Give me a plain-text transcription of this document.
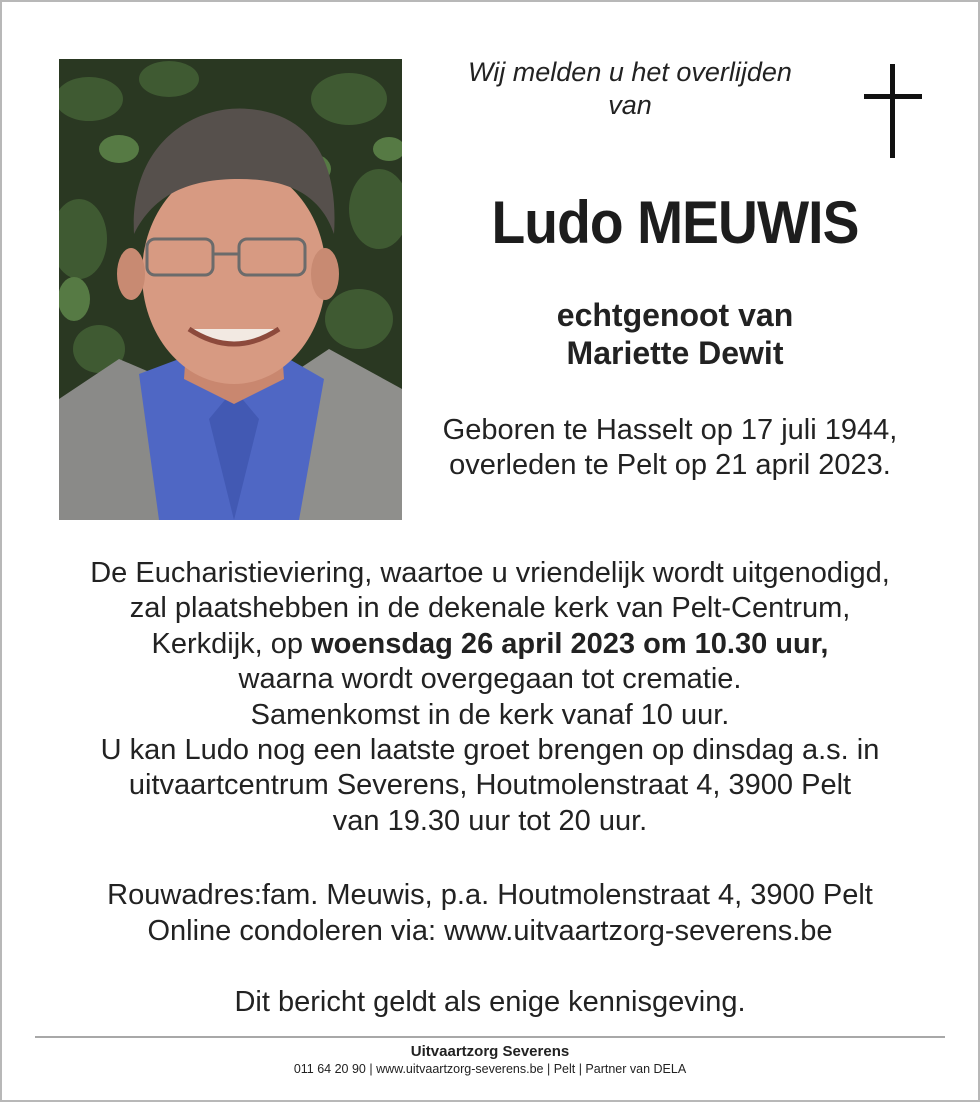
Wij melden u het overlijden
van
Ludo MEUWIS
echtgenoot van
Mariette Dewit
Geboren te Hasselt op 17 juli 1944,
overleden te Pelt op 21 april 2023.
De Eucharistieviering, waartoe u vriendelijk wordt uitgenodigd,
zal plaatshebben in de dekenale kerk van Pelt-Centrum,
Kerkdijk, op woensdag 26 april 2023 om 10.30 uur,
waarna wordt overgegaan tot crematie.
Samenkomst in de kerk vanaf 10 uur.
U kan Ludo nog een laatste groet brengen op dinsdag a.s. in
uitvaartcentrum Severens, Houtmolenstraat 4, 3900 Pelt
van 19.30 uur tot 20 uur.
Rouwadres:fam. Meuwis, p.a. Houtmolenstraat 4, 3900 Pelt
Online condoleren via: www.uitvaartzorg-severens.be
Dit bericht geldt als enige kennisgeving.
Uitvaartzorg Severens
011 64 20 90 | www.uitvaartzorg-severens.be | Pelt | Partner van DELA
